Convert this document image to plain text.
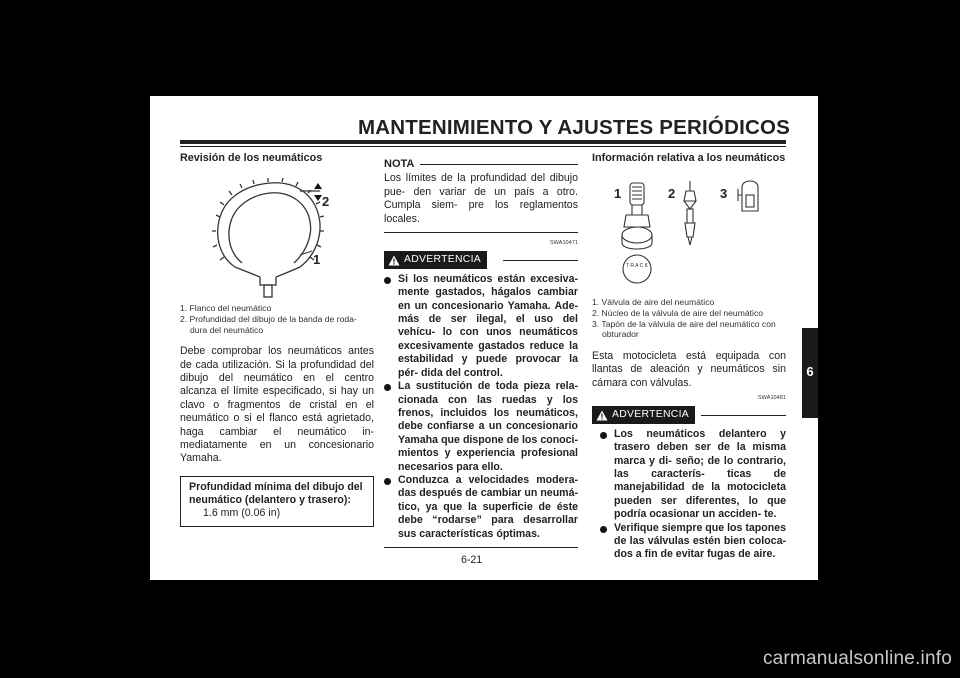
MANTENIMIENTO Y AJUSTES PERIÓDICOS
6
Revisión de los neumáticos
2
1
1. Flanco del neumático
2. Profundidad del dibujo de la banda de roda- dura del neumático
Debe comprobar los neumáticos antes de cada utilización. Si la profundidad del dibujo del neumático en el centro alcanza el límite especificado, si hay un clavo o fragmentos de cristal en el neumático o si el flanco está agrietado, haga cambiar el neumático in- mediatamente en un concesionario Yamaha.
Profundidad mínima del dibujo del neumático (delantero y trasero):
1.6 mm (0.06 in)
NOTA
Los límites de la profundidad del dibujo pue- den variar de un país a otro. Cumpla siem- pre los reglamentos locales.
SWA10471
ADVERTENCIA
Si los neumáticos están excesiva- mente gastados, hágalos cambiar en un concesionario Yamaha. Ade- más de ser ilegal, el uso del vehícu- lo con unos neumáticos excesivamente gastados reduce la estabilidad y puede provocar la pér- dida del control.
La sustitución de toda pieza rela- cionada con las ruedas y los frenos, incluidos los neumáticos, debe confiarse a un concesionario Yamaha que dispone de los conoci- mientos y experiencia profesional necesarios para ello.
Conduzca a velocidades modera- das después de cambiar un neumá- tico, ya que la superficie de éste debe “rodarse” para desarrollar sus características óptimas.
Información relativa a los neumáticos
T R A C K
1	2	3
1. Válvula de aire del neumático
2. Núcleo de la válvula de aire del neumático
3. Tapón de la válvula de aire del neumático con obturador
Esta motocicleta está equipada con llantas de aleación y neumáticos sin cámara con válvulas.
SWA10481
ADVERTENCIA
Los neumáticos delantero y trasero deben ser de la misma marca y di- seño; de lo contrario, las caracterís- ticas de manejabilidad de la motocicleta pueden ser diferentes, lo que podría ocasionar un acciden- te.
Verifique siempre que los tapones de las válvulas estén bien coloca- dos a fin de evitar fugas de aire.
6-21
carmanualsonline.info
